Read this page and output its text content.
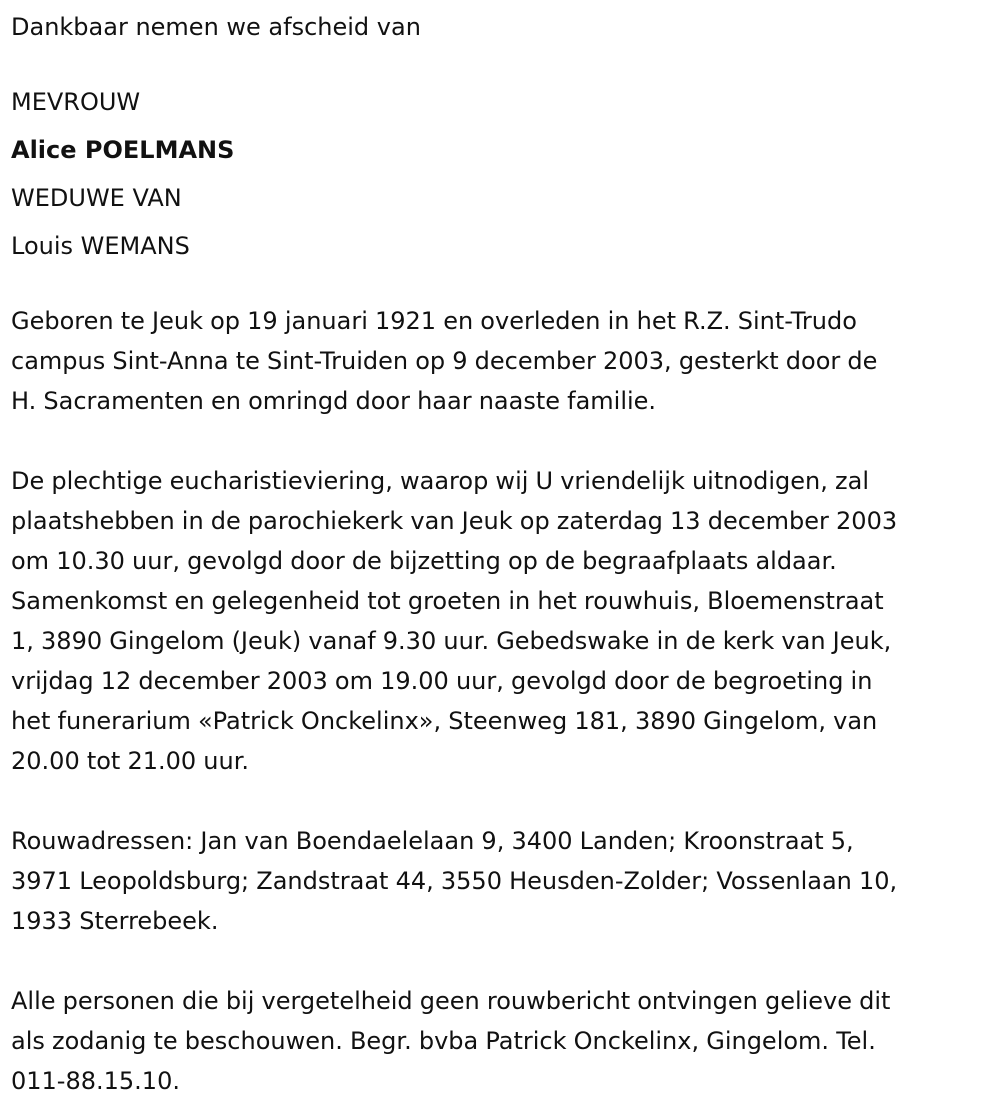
Dankbaar nemen we afscheid van

MEVROUW

Alice POELMANS

WEDUWE VAN

Louis WEMANS

Geboren te Jeuk op 19 januari 1921 en overleden in het R.Z. Sint-Trudo
campus Sint-Anna te Sint-Truiden op 9 december 2003, gesterkt door de
H. Sacramenten en omringd door haar naaste familie.
De plechtige eucharistieviering, waarop wij U vriendelijk uitnodigen, zal
plaatshebben in de parochiekerk van Jeuk op zaterdag 13 december 2003
om 10.30 uur, gevolgd door de bijzetting op de begraafplaats aldaar.
Samenkomst en gelegenheid tot groeten in het rouwhuis, Bloemenstraat
1, 3890 Gingelom (Jeuk) vanaf 9.30 uur. Gebedswake in de kerk van Jeuk,
vrijdag 12 december 2003 om 19.00 uur, gevolgd door de begroeting in
het funerarium «Patrick Onckelinx», Steenweg 181, 3890 Gingelom, van
20.00 tot 21.00 uur.
Rouwadressen: Jan van Boendaelelaan 9, 3400 Landen; Kroonstraat 5,
3971 Leopoldsburg; Zandstraat 44, 3550 Heusden-Zolder; Vossenlaan 10,
1933 Sterrebeek.
Alle personen die bij vergetelheid geen rouwbericht ontvingen gelieve dit
als zodanig te beschouwen. Begr. bvba Patrick Onckelinx, Gingelom. Tel.
011-88.15.10.
